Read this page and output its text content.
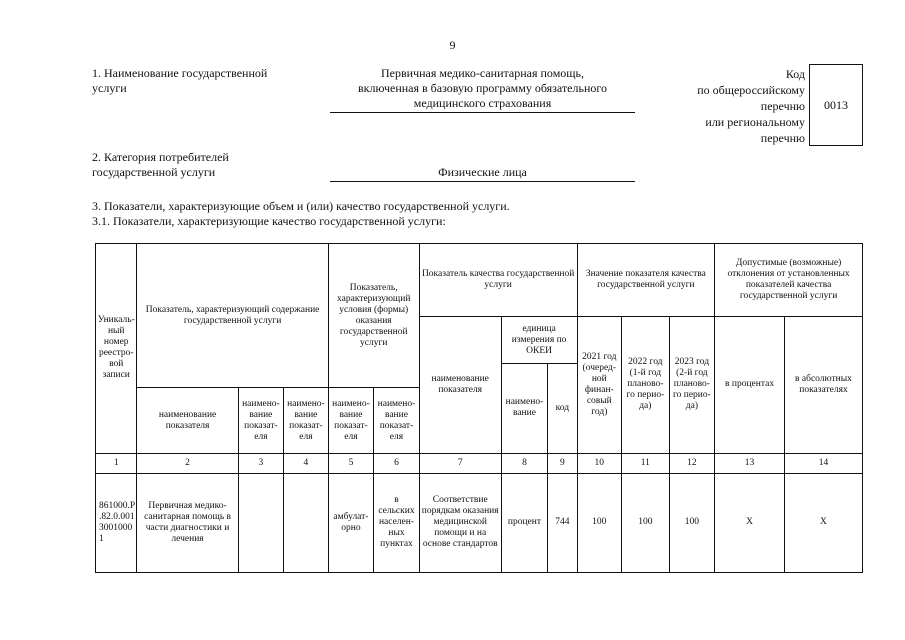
9
1. Наименование государственной
услуги
Первичная медико-санитарная помощь,
включенная в базовую программу обязательного
медицинского страхования
Код
по общероссийскому
перечню
или региональному
перечню
0013
2. Категория потребителей
государственной услуги	Физические лица
3. Показатели, характеризующие объем и (или) качество государственной услуги.
3.1. Показатели, характеризующие качество государственной услуги:
Уникаль-ный номер реестро-вой записи	Показатель, характеризующий содержание государственной услуги			Показатель, характеризующий условия (формы) оказания государственной услуги		Показатель качества государственной услуги			Значение показателя качества государственной услуги			Допустимые (возможные) отклонения от установленных показателей качества государственной услуги	
						наименование показателя	единица измерения по ОКЕИ		2021 год (очеред-ной финан-совый год)	2022 год (1-й год планово-го перио-да)	2023 год (2-й год планово-го перио-да)	в процентах	в абсолютных показателях
							наимено-вание	код					
	наименование показателя	наимено-вание показат-еля	наимено-вание показат-еля	наимено-вание показат-еля	наимено-вание показат-еля								
1	2	3	4	5	6	7	8	9	10	11	12	13	14
861000.Р.82.0.00130010001	Первичная медико-санитарная помощь в части диагностики и лечения			амбулат-орно	в сельских населен-ных пунктах	Соответствие порядкам оказания медицинской помощи и на основе стандартов	процент	744	100	100	100	X	X
